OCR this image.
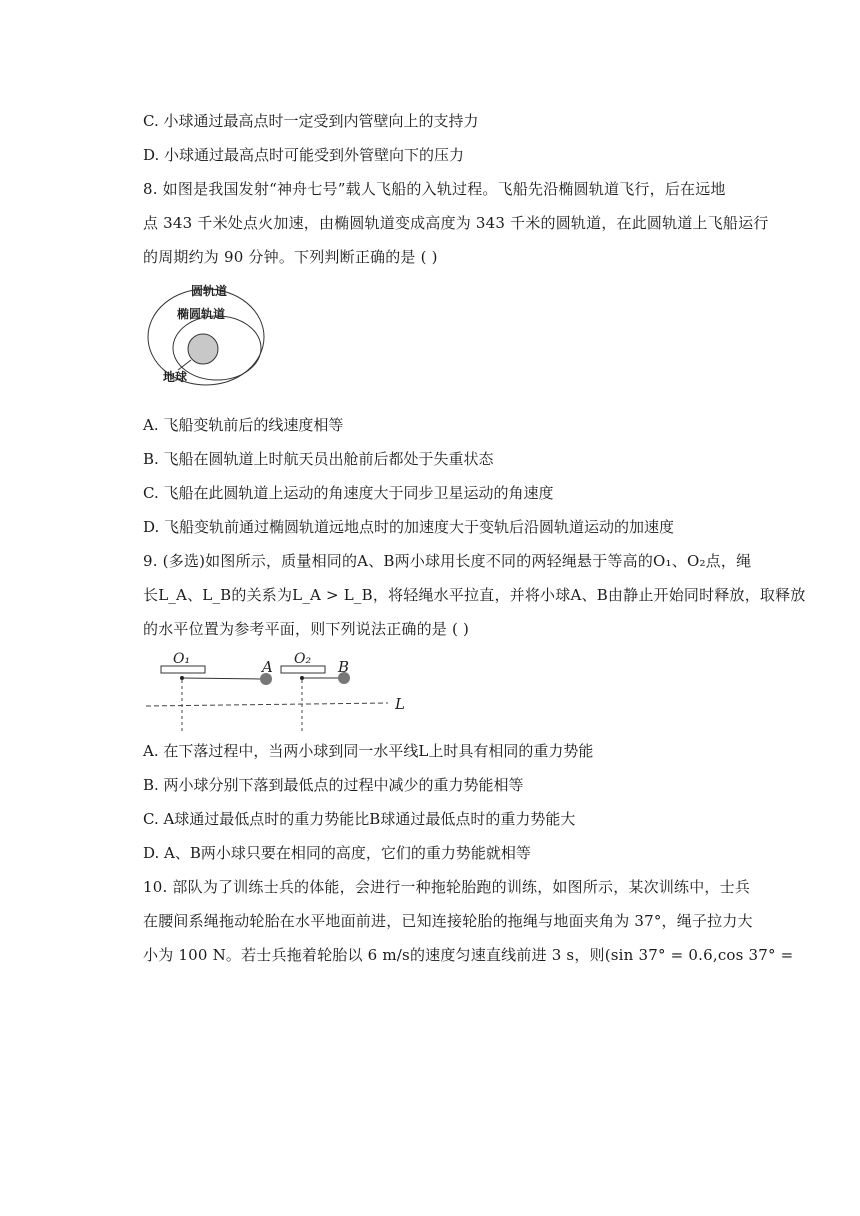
C. 小球通过最高点时一定受到内管壁向上的支持力
D. 小球通过最高点时可能受到外管壁向下的压力
8. 如图是我国发射“神舟七号”载人飞船的入轨过程。飞船先沿椭圆轨道飞行，后在远地
点 343 千米处点火加速，由椭圆轨道变成高度为 343 千米的圆轨道，在此圆轨道上飞船运行
的周期约为 90 分钟。下列判断正确的是 ( )
圆轨道
椭圆轨道
地球
A. 飞船变轨前后的线速度相等
B. 飞船在圆轨道上时航天员出舱前后都处于失重状态
C. 飞船在此圆轨道上运动的角速度大于同步卫星运动的角速度
D. 飞船变轨前通过椭圆轨道远地点时的加速度大于变轨后沿圆轨道运动的加速度
9. (多选)如图所示，质量相同的A、B两小球用长度不同的两轻绳悬于等高的O₁、O₂点，绳
长L_A、L_B的关系为L_A > L_B，将轻绳水平拉直，并将小球A、B由静止开始同时释放，取释放
的水平位置为参考平面，则下列说法正确的是 ( )
O₁	O₂
A	B
L
A. 在下落过程中，当两小球到同一水平线L上时具有相同的重力势能
B. 两小球分别下落到最低点的过程中减少的重力势能相等
C. A球通过最低点时的重力势能比B球通过最低点时的重力势能大
D. A、B两小球只要在相同的高度，它们的重力势能就相等
10. 部队为了训练士兵的体能，会进行一种拖轮胎跑的训练，如图所示，某次训练中，士兵
在腰间系绳拖动轮胎在水平地面前进，已知连接轮胎的拖绳与地面夹角为 37°，绳子拉力大
小为 100 N。若士兵拖着轮胎以 6 m/s的速度匀速直线前进 3 s，则(sin 37° = 0.6,cos 37° =
